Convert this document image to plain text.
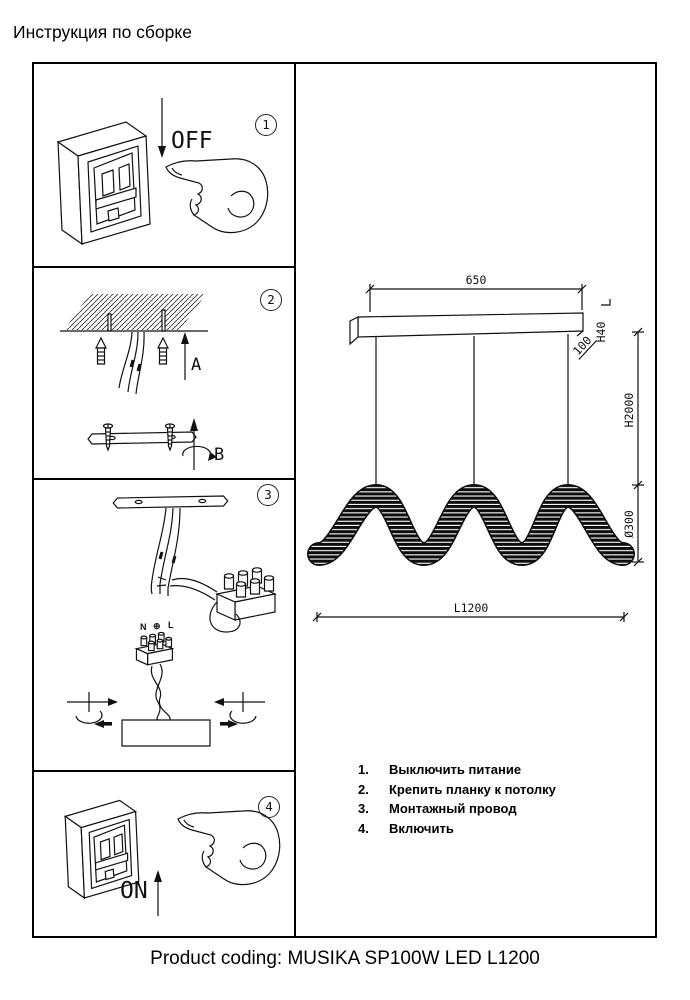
Инструкция по сборке
OFF
1
A
B
2
N ⊕ L
3
ON
4
650
100
H40
H2000
Ø300
L1200
1.	Выключить питание
2.	Крепить планку к потолку
3.	Монтажный провод
4.	Включить
Product coding: MUSIKA SP100W LED L1200
